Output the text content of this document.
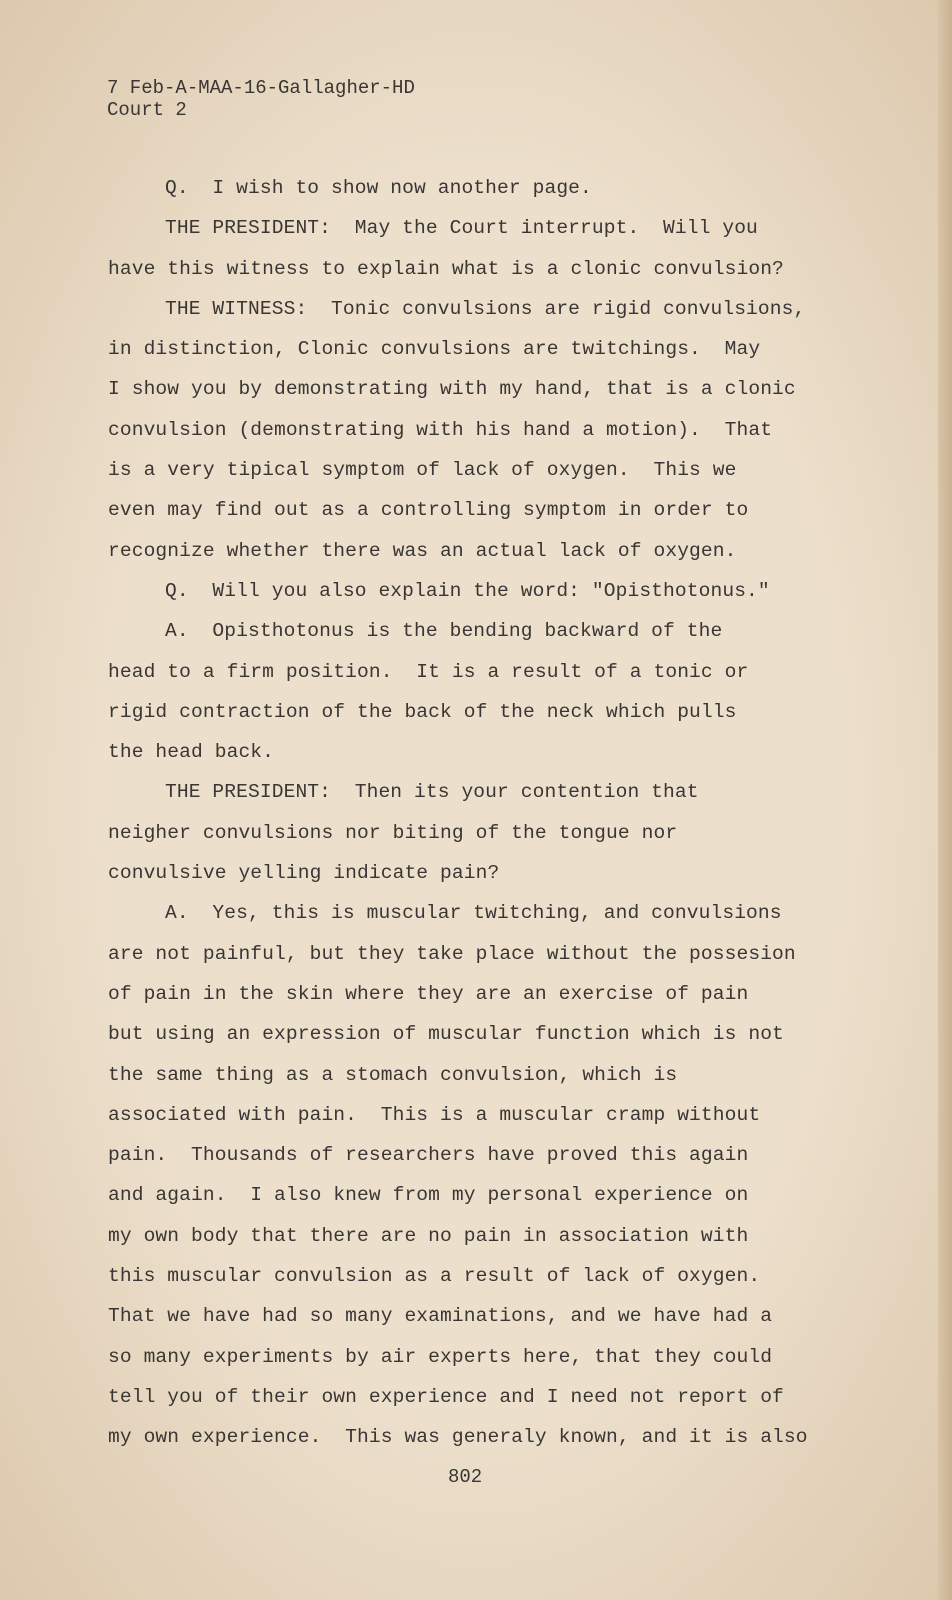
7 Feb-A-MAA-16-Gallagher-HD
Court 2
Q.  I wish to show now another page.
THE PRESIDENT:  May the Court interrupt.  Will you
have this witness to explain what is a clonic convulsion?
THE WITNESS:  Tonic convulsions are rigid convulsions,
in distinction, Clonic convulsions are twitchings.  May
I show you by demonstrating with my hand, that is a clonic
convulsion (demonstrating with his hand a motion).  That
is a very tipical symptom of lack of oxygen.  This we
even may find out as a controlling symptom in order to
recognize whether there was an actual lack of oxygen.
Q.  Will you also explain the word: "Opisthotonus."
A.  Opisthotonus is the bending backward of the
head to a firm position.  It is a result of a tonic or
rigid contraction of the back of the neck which pulls
the head back.
THE PRESIDENT:  Then its your contention that
neigher convulsions nor biting of the tongue nor
convulsive yelling indicate pain?
A.  Yes, this is muscular twitching, and convulsions
are not painful, but they take place without the possesion
of pain in the skin where they are an exercise of pain
but using an expression of muscular function which is not
the same thing as a stomach convulsion, which is
associated with pain.  This is a muscular cramp without
pain.  Thousands of researchers have proved this again
and again.  I also knew from my personal experience on
my own body that there are no pain in association with
this muscular convulsion as a result of lack of oxygen.
That we have had so many examinations, and we have had a
so many experiments by air experts here, that they could
tell you of their own experience and I need not report of
my own experience.  This was generaly known, and it is also
802
